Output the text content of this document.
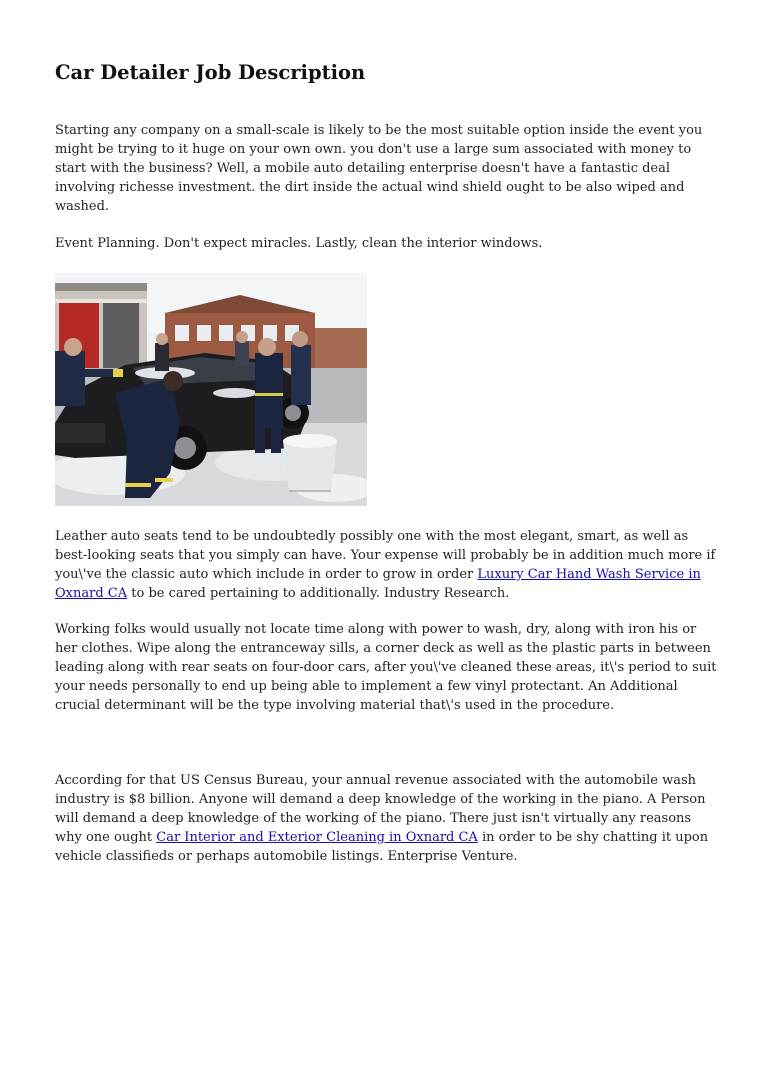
Car Detailer Job Description

Starting any company on a small-scale is likely to be the most suitable option inside the event you might be trying to it huge on your own own. you don't use a large sum associated with money to start with the business? Well, a mobile auto detailing enterprise doesn't have a fantastic deal involving richesse investment. the dirt inside the actual wind shield ought to be also wiped and washed.

Event Planning. Don't expect miracles. Lastly, clean the interior windows.

Leather auto seats tend to be undoubtedly possibly one with the most elegant, smart, as well as best-looking seats that you simply can have. Your expense will probably be in addition much more if you\'ve the classic auto which include in order to grow in order Luxury Car Hand Wash Service in Oxnard CA to be cared pertaining to additionally. Industry Research.

Working folks would usually not locate time along with power to wash, dry, along with iron his or her clothes. Wipe along the entranceway sills, a corner deck as well as the plastic parts in between leading along with rear seats on four-door cars, after you\'ve cleaned these areas, it\'s period to suit your needs personally to end up being able to implement a few vinyl protectant. An Additional crucial determinant will be the type involving material that\'s used in the procedure.

According for that US Census Bureau, your annual revenue associated with the automobile wash industry is $8 billion. Anyone will demand a deep knowledge of the working in the piano. A Person will demand a deep knowledge of the working of the piano. There just isn't virtually any reasons why one ought Car Interior and Exterior Cleaning in Oxnard CA in order to be shy chatting it upon vehicle classifieds or perhaps automobile listings. Enterprise Venture.
